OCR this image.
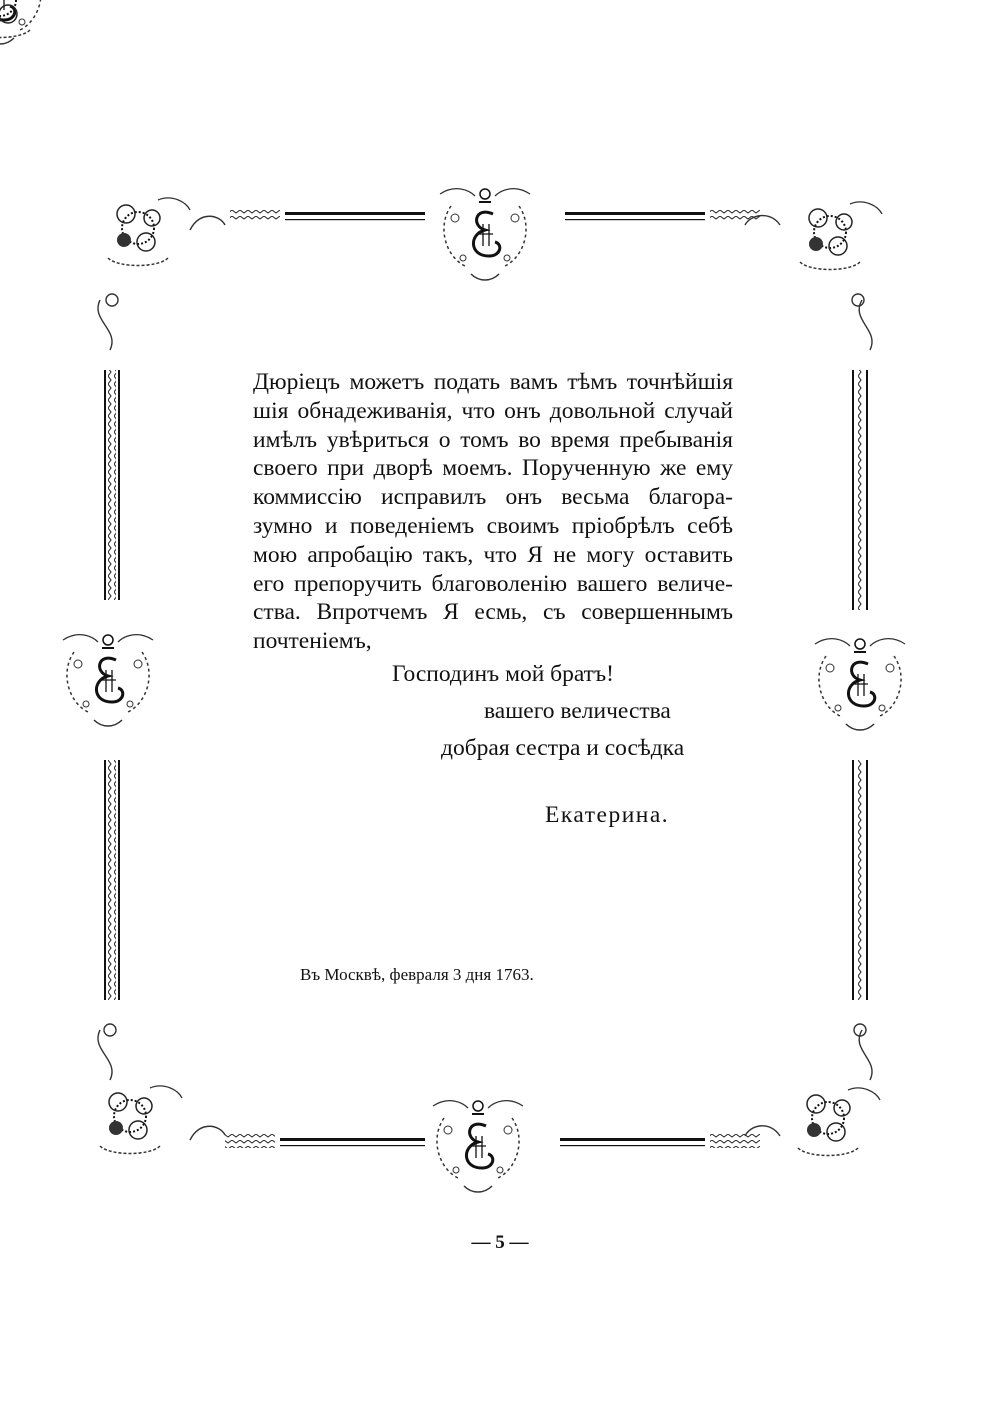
Дюріецъ можетъ подать вамъ тѣмъ точнѣйшія
шія обнадеживанія, что онъ довольной случай
имѣлъ увѣриться о томъ во время пребыванія
своего при дворѣ моемъ. Порученную же ему
коммиссію исправилъ онъ весьма благора-
зумно и поведеніемъ своимъ пріобрѣлъ себѣ
мою апробацію такъ, что Я не могу оставить
его препоручить благоволенію вашего величе-
ства. Впротчемъ Я есмь, съ совершеннымъ
почтеніемъ,
Господинъ мой братъ!
вашего величества
добрая сестра и сосѣдка
Екатерина.
Въ Москвѣ, февраля 3 дня 1763.
— 5 —
